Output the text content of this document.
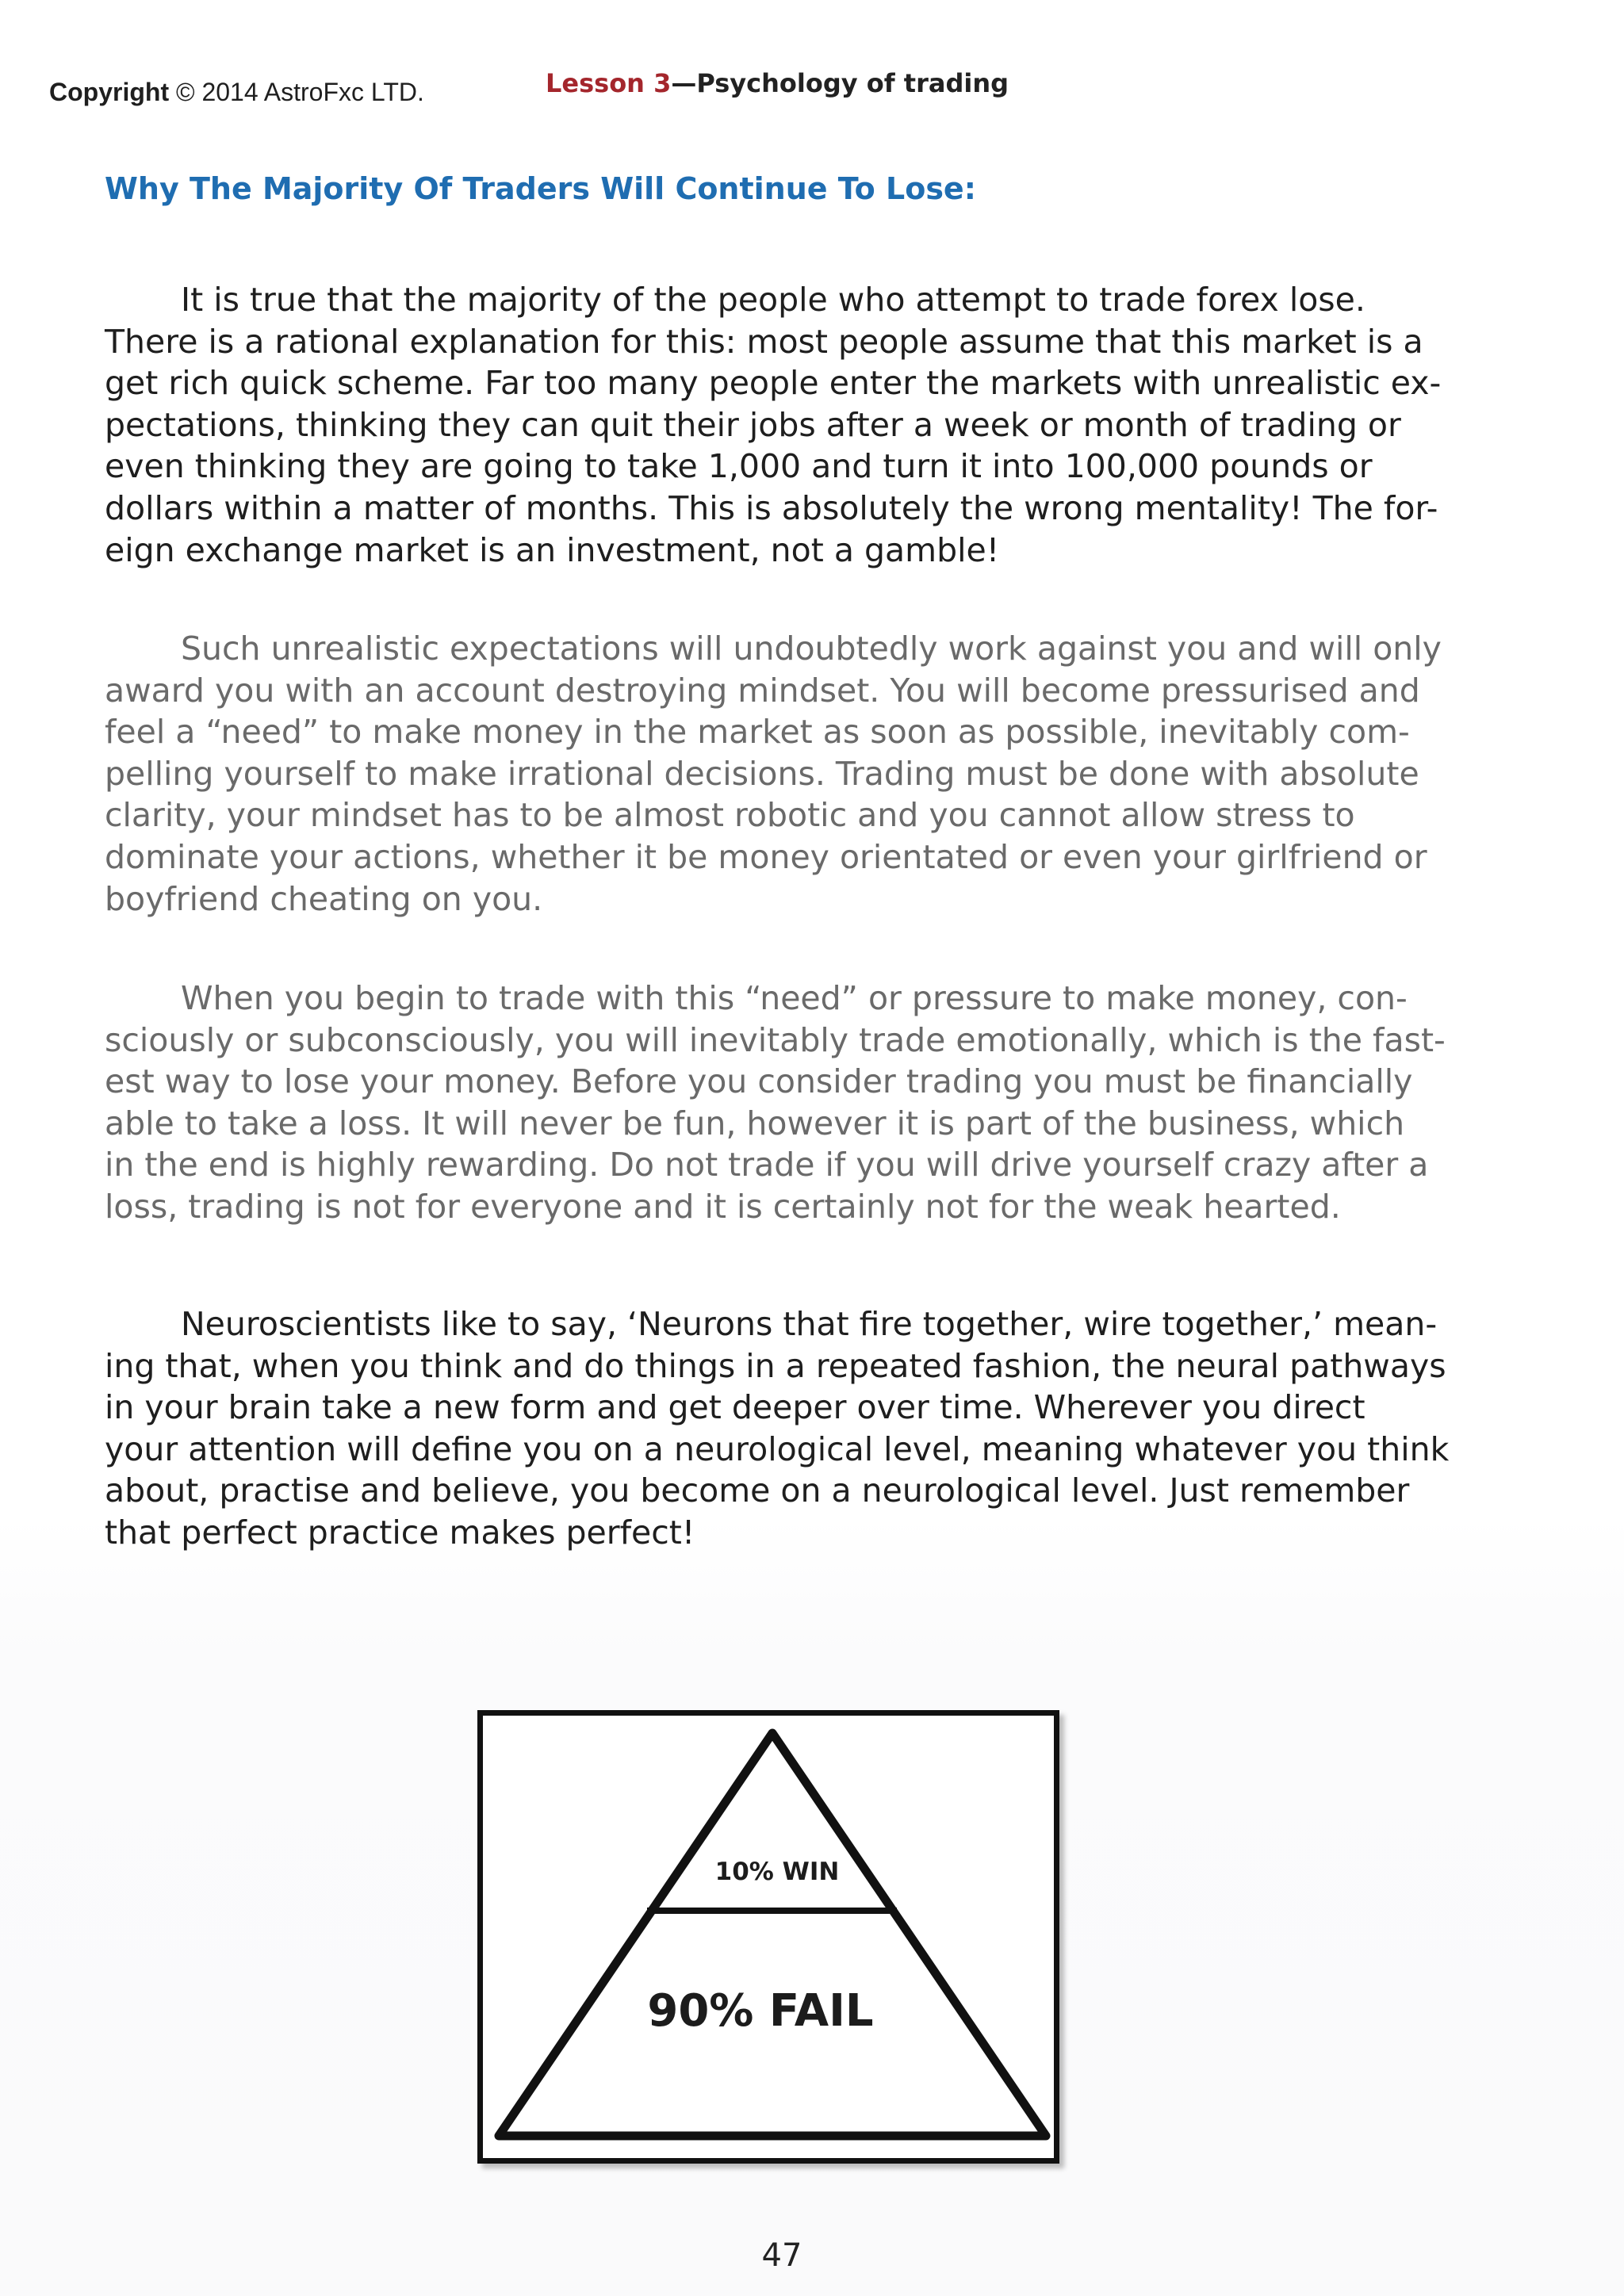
Copyright © 2014 AstroFxc LTD.	Lesson 3—Psychology of trading
Why The Majority Of Traders Will Continue To Lose:
It is true that the majority of the people who attempt to trade forex lose.
There is a rational explanation for this: most people assume that this market is a
get rich quick scheme. Far too many people enter the markets with unrealistic ex-
pectations, thinking they can quit their jobs after a week or month of trading or
even thinking they are going to take 1,000 and turn it into 100,000 pounds or
dollars within a matter of months. This is absolutely the wrong mentality! The for-
eign exchange market is an investment, not a gamble!
Such unrealistic expectations will undoubtedly work against you and will only
award you with an account destroying mindset. You will become pressurised and
feel a “need” to make money in the market as soon as possible, inevitably com-
pelling yourself to make irrational decisions. Trading must be done with absolute
clarity, your mindset has to be almost robotic and you cannot allow stress to
dominate your actions, whether it be money orientated or even your girlfriend or
boyfriend cheating on you.
When you begin to trade with this “need” or pressure to make money, con-
sciously or subconsciously, you will inevitably trade emotionally, which is the fast-
est way to lose your money. Before you consider trading you must be financially
able to take a loss. It will never be fun, however it is part of the business, which
in the end is highly rewarding. Do not trade if you will drive yourself crazy after a
loss, trading is not for everyone and it is certainly not for the weak hearted.
Neuroscientists like to say, ‘Neurons that fire together, wire together,’ mean-
ing that, when you think and do things in a repeated fashion, the neural pathways
in your brain take a new form and get deeper over time. Wherever you direct
your attention will define you on a neurological level, meaning whatever you think
about, practise and believe, you become on a neurological level. Just remember
that perfect practice makes perfect!
10% WIN
90% FAIL
47
